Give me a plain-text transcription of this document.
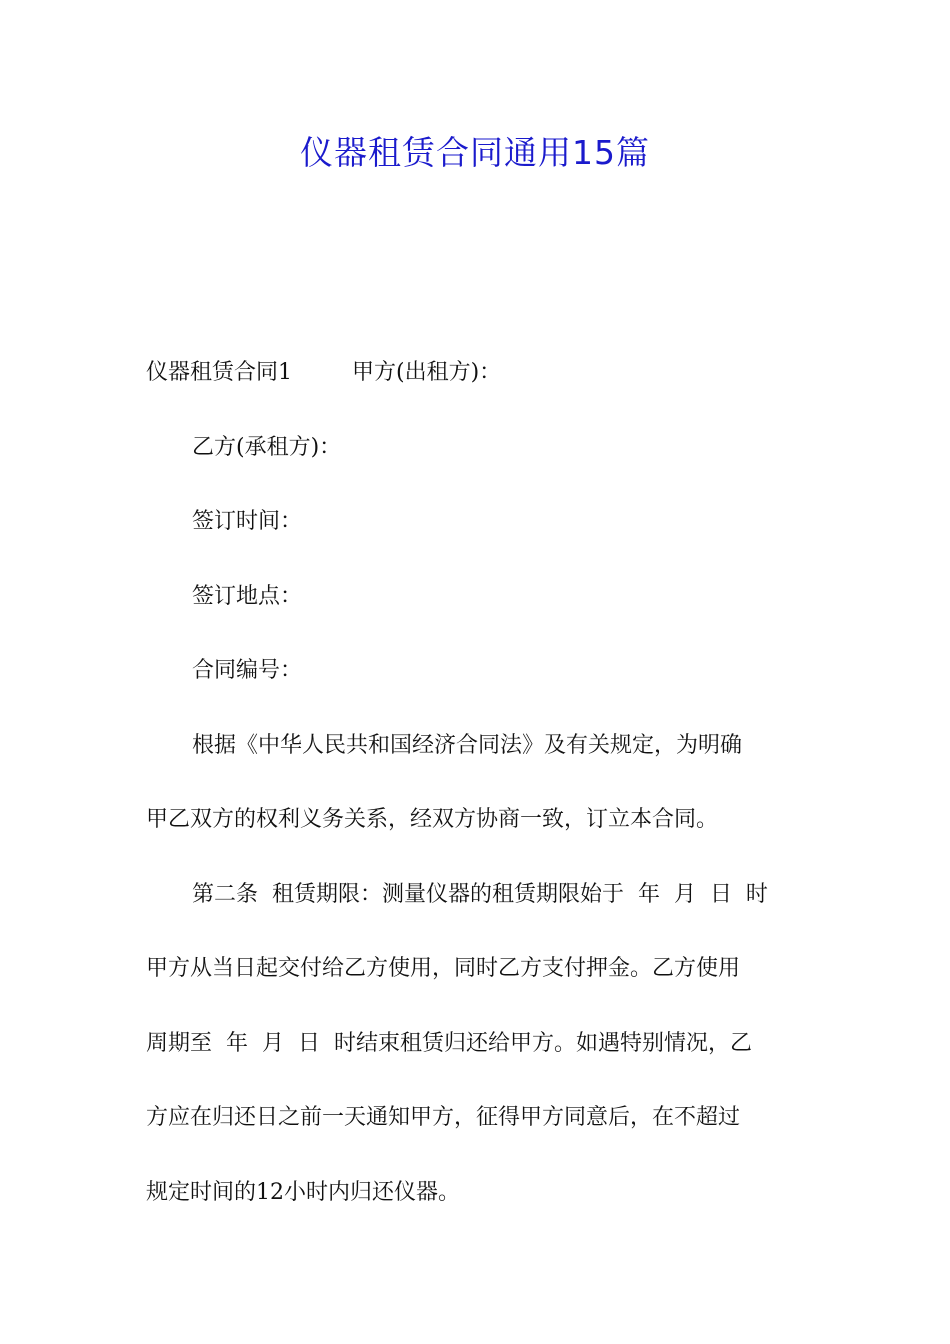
仪器租赁合同通用15篇

仪器租赁合同1	甲方(出租方)：

乙方(承租方)：

签订时间：

签订地点：

合同编号：

根据《中华人民共和国经济合同法》及有关规定，为明确

甲乙双方的权利义务关系，经双方协商一致，订立本合同。

第二条  租赁期限：测量仪器的租赁期限始于  年  月  日  时

甲方从当日起交付给乙方使用，同时乙方支付押金。乙方使用

周期至  年  月  日  时结束租赁归还给甲方。如遇特别情况，乙

方应在归还日之前一天通知甲方，征得甲方同意后，在不超过

规定时间的12小时内归还仪器。
